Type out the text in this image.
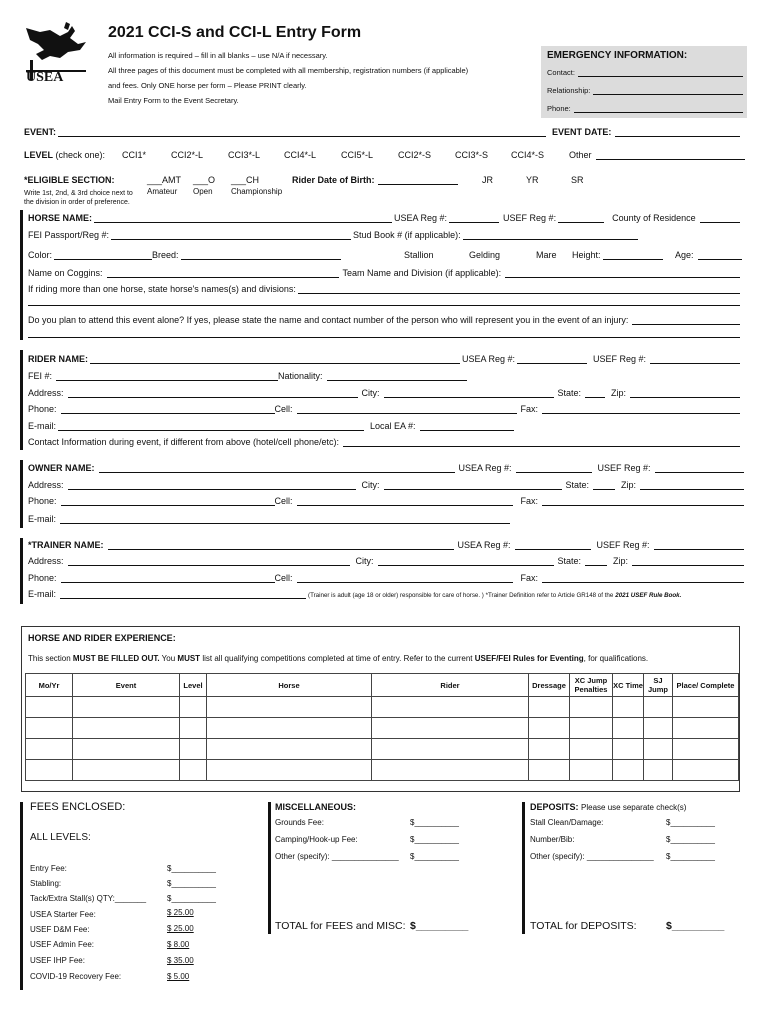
USEA
2021 CCI-S and CCI-L Entry Form
All information is required – fill in all blanks – use N/A if necessary.
All three pages of this document must be completed with all membership, registration numbers (if applicable)
and fees. Only ONE horse per form – Please PRINT clearly.
Mail Entry Form to the Event Secretary.
EMERGENCY INFORMATION:
Contact:
Relationship:
Phone:
EVENT:	EVENT DATE:
LEVEL (check one): CCI1*	CCI2*-L	CCI3*-L	CCI4*-L	CCI5*-L	CCI2*-S	CCI3*-S	CCI4*-S	Other
*ELIGIBLE SECTION:
Write 1st, 2nd, & 3rd choice next to
the division in order of preference.
___AMT ___O ___CH
Amateur Open Championship
Rider Date of Birth:	JR	YR	SR
HORSE NAME:	USEA Reg #:	USEF Reg #:	County of Residence
FEI Passport/Reg #:	Stud Book # (if applicable):
Color:	Breed:	Stallion	Gelding	Mare Height:	Age:
Name on Coggins:	Team Name and Division (if applicable):
If riding more than one horse, state horse's names(s) and divisions:
Do you plan to attend this event alone? If yes, please state the name and contact number of the person who will represent you in the event of an injury:
RIDER NAME:	USEA Reg #:	USEF Reg #:
FEI #:	Nationality:
Address:	City:	State:	Zip:
Phone:	Cell:	Fax:
E-mail:	Local EA #:
Contact Information during event, if different from above (hotel/cell phone/etc):
OWNER NAME:	USEA Reg #:	USEF Reg #:
Address:	City:	State:	Zip:
Phone:	Cell:	Fax:
E-mail:
*TRAINER NAME:	USEA Reg #:	USEF Reg #:
Address:	City:	State:	Zip:
Phone:	Cell:	Fax:
E-mail:	(Trainer is adult (age 18 or older) responsible for care of horse. ) *Trainer Definition refer to Article GR148 of the 2021 USEF Rule Book.
HORSE AND RIDER EXPERIENCE:
This section MUST BE FILLED OUT. You MUST list all qualifying competitions completed at time of entry. Refer to the current USEF/FEI Rules for Eventing, for qualifications.
Mo/Yr	Event	Level	Horse	Rider	Dressage	XC Jump Penalties	XC Time	SJ Jump	Place/ Complete

FEES ENCLOSED:
ALL LEVELS:
Entry Fee:	$__________
Stabling:	$__________
Tack/Extra Stall(s) QTY:_______	$__________
USEA Starter Fee:	$ 25.00
USEF D&M Fee:	$ 25.00
USEF Admin Fee:	$ 8.00
USEF IHP Fee:	$ 35.00
COVID-19 Recovery Fee:	$ 5.00
MISCELLANEOUS:
Grounds Fee:	$__________
Camping/Hook-up Fee:	$__________
Other (specify): _______________ $__________
TOTAL for FEES and MISC: $_________
DEPOSITS: Please use separate check(s)
Stall Clean/Damage:	$__________
Number/Bib:	$__________
Other (specify): _______________ $__________
TOTAL for DEPOSITS:	$_________
